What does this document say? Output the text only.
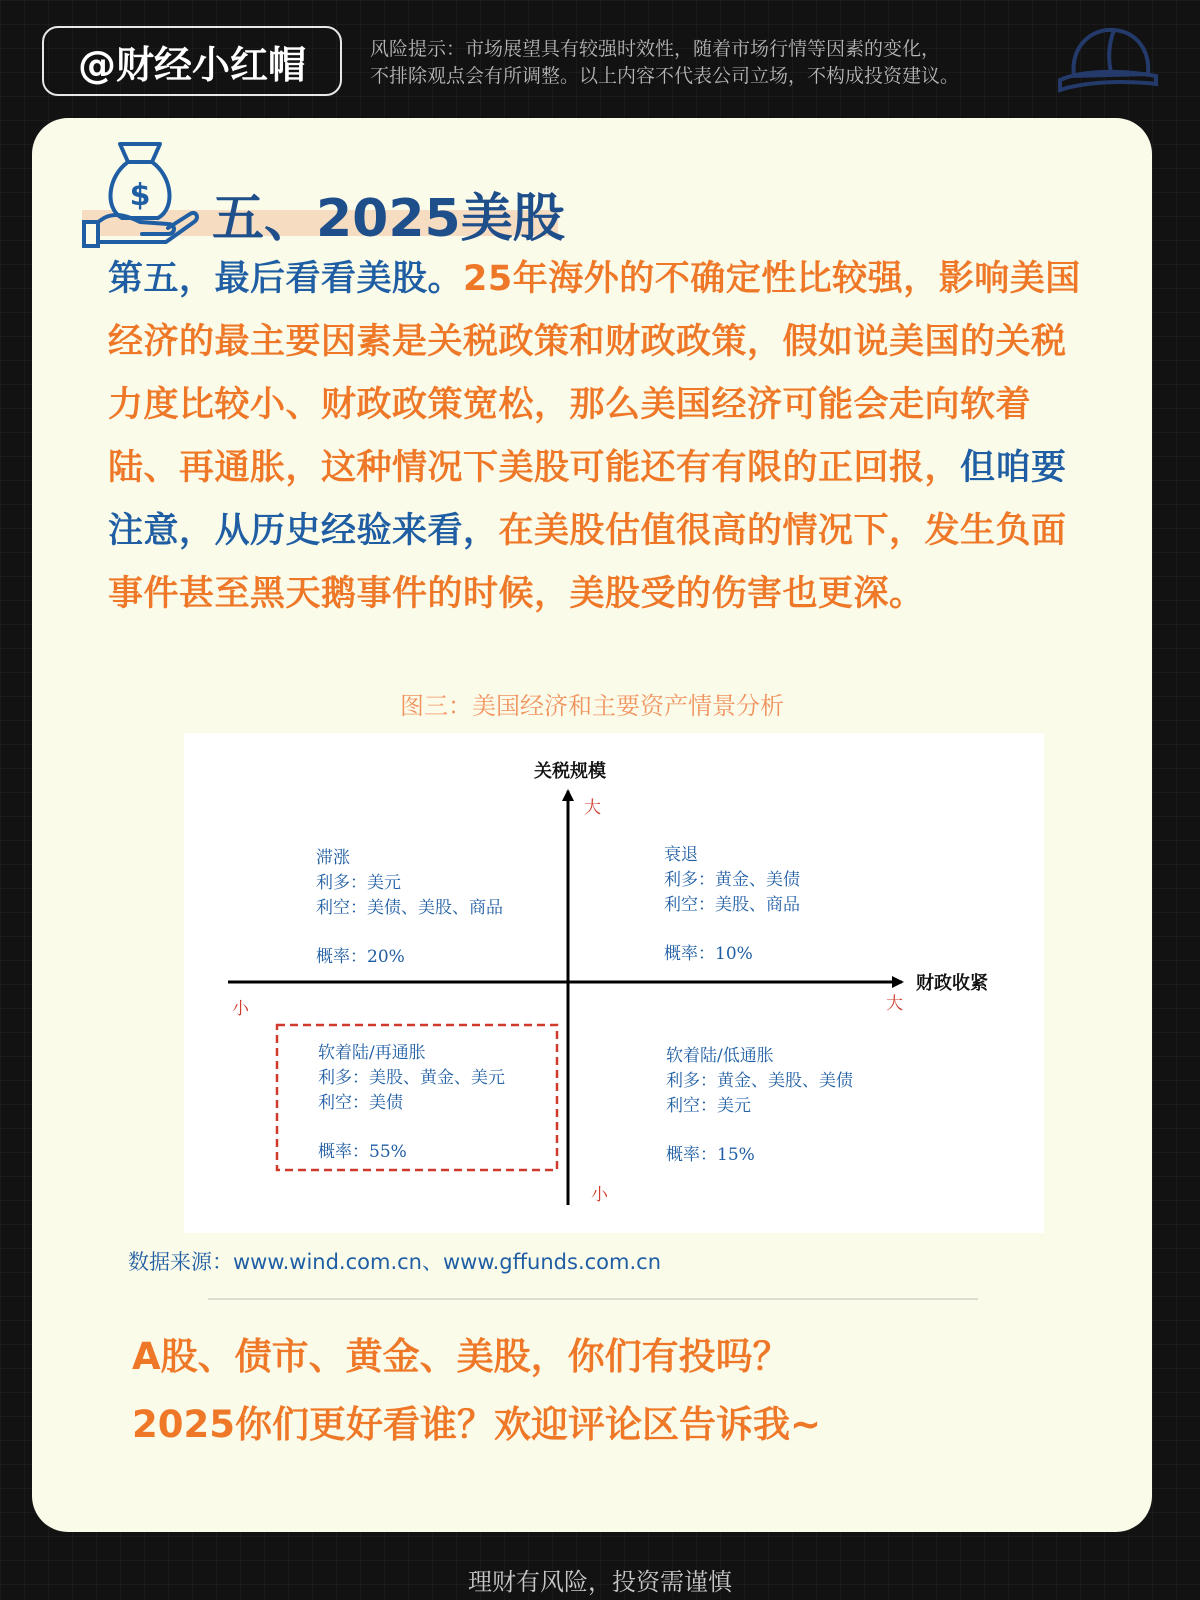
@财经小红帽	风险提示：市场展望具有较强时效性，随着市场行情等因素的变化，
不排除观点会有所调整。以上内容不代表公司立场，不构成投资建议。
$ 五、2025美股
第五，最后看看美股。25年海外的不确定性比较强，影响美国经济的最主要因素是关税政策和财政政策，假如说美国的关税力度比较小、财政政策宽松，那么美国经济可能会走向软着陆、再通胀，这种情况下美股可能还有有限的正回报，但咱要注意，从历史经验来看，在美股估值很高的情况下，发生负面事件甚至黑天鹅事件的时候，美股受的伤害也更深。
图三：美国经济和主要资产情景分析
关税规模
财政收紧
大
小
小	大
滞涨
利多：美元
利空：美债、美股、商品
概率：20%
衰退
利多：黄金、美债
利空：美股、商品
概率：10%
软着陆/再通胀
利多：美股、黄金、美元
利空：美债
概率：55%
软着陆/低通胀
利多：黄金、美股、美债
利空：美元
概率：15%
数据来源：www.wind.com.cn、www.gffunds.com.cn
A股、债市、黄金、美股，你们有投吗？
2025你们更好看谁？欢迎评论区告诉我~
理财有风险，投资需谨慎
